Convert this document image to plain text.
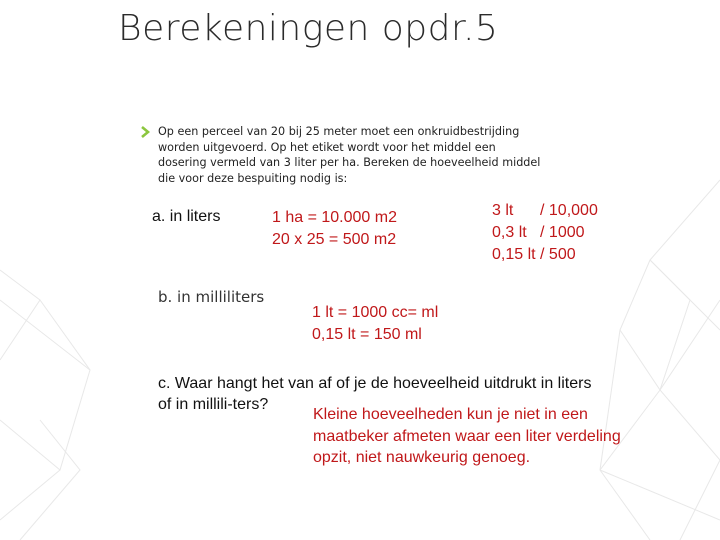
Berekeningen opdr.5
Op een perceel van 20 bij 25 meter moet een onkruidbestrijding
worden uitgevoerd. Op het etiket wordt voor het middel een
dosering vermeld van 3 liter per ha. Bereken de hoeveelheid middel
die voor deze bespuiting nodig is:
a. in liters	1 ha = 10.000 m2
20 x 25 = 500 m2
3 lt      / 10,000
0,3 lt   / 1000
0,15 lt / 500
b. in milliliters
1 lt = 1000 cc= ml
0,15 lt = 150 ml
c. Waar hangt het van af of je de hoeveelheid uitdrukt in liters
of in millili-ters?
Kleine hoeveelheden kun je niet in een
maatbeker afmeten waar een liter verdeling
opzit, niet nauwkeurig genoeg.
